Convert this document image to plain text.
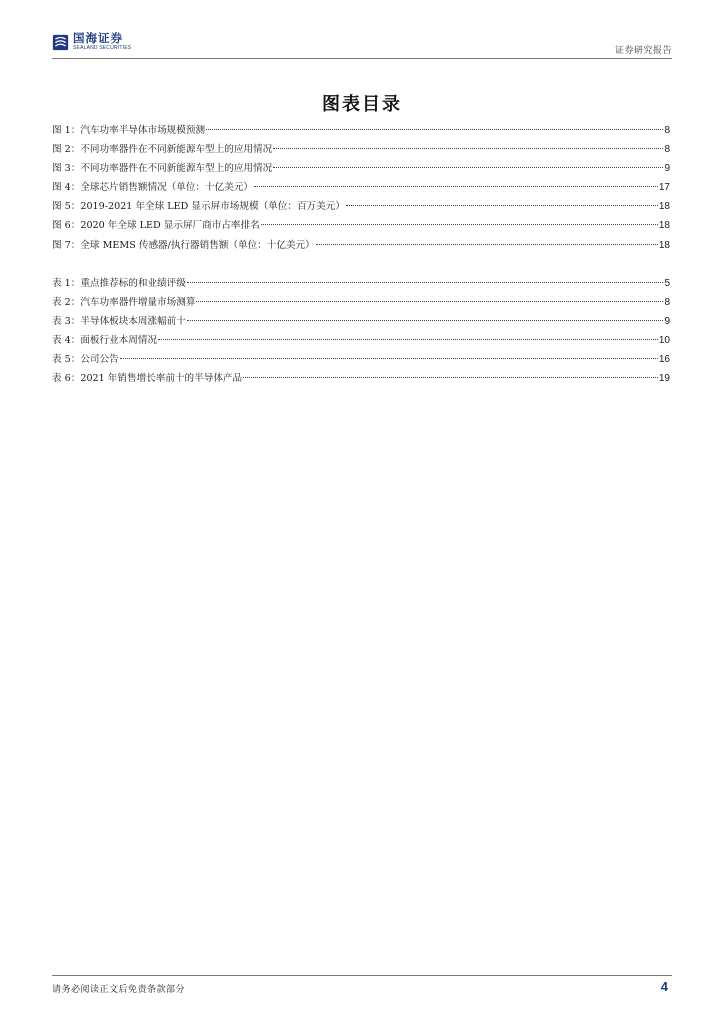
国海证券
SEALAND SECURITIES	证券研究报告
图表目录
图 1：汽车功率半导体市场规模预测	8
图 2：不同功率器件在不同新能源车型上的应用情况	8
图 3：不同功率器件在不同新能源车型上的应用情况	9
图 4：全球芯片销售额情况（单位：十亿美元）	17
图 5：2019-2021 年全球 LED 显示屏市场规模（单位：百万美元）	18
图 6：2020 年全球 LED 显示屏厂商市占率排名	18
图 7：全球 MEMS 传感器/执行器销售额（单位：十亿美元）	18
表 1：重点推荐标的和业绩评级	5
表 2：汽车功率器件增量市场测算	8
表 3：半导体板块本周涨幅前十	9
表 4：面板行业本周情况	10
表 5：公司公告	16
表 6：2021 年销售增长率前十的半导体产品	19
请务必阅读正文后免责条款部分	4
